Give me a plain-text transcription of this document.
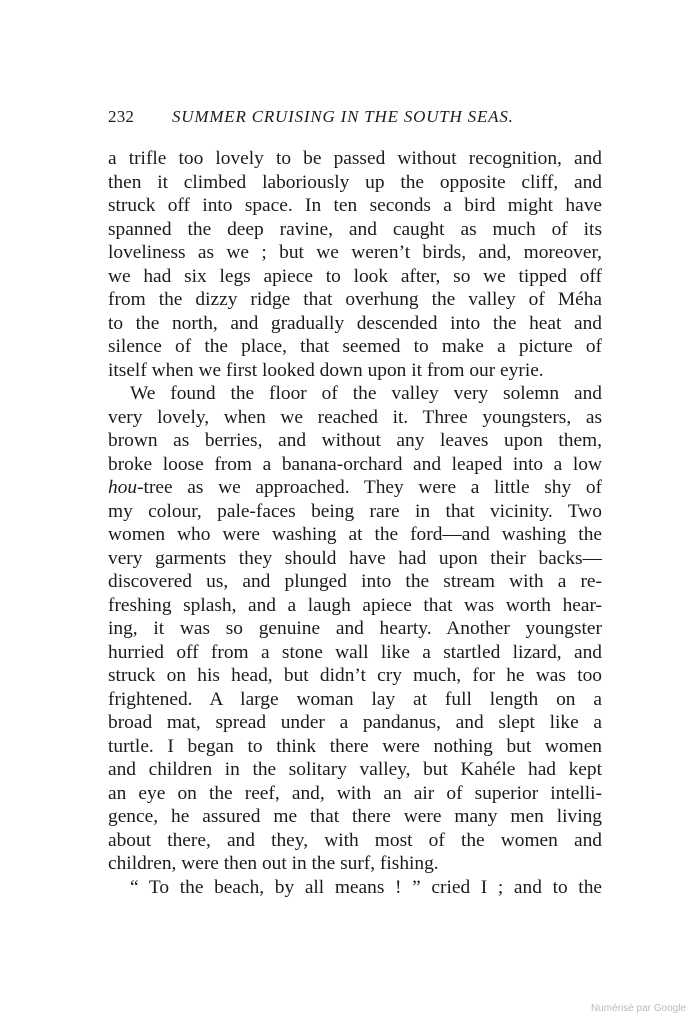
232 SUMMER CRUISING IN THE SOUTH SEAS.
a trifle too lovely to be passed without recognition, and
then it climbed laboriously up the opposite cliff, and
struck off into space. In ten seconds a bird might have
spanned the deep ravine, and caught as much of its
loveliness as we ; but we weren’t birds, and, moreover,
we had six legs apiece to look after, so we tipped off
from the dizzy ridge that overhung the valley of Méha
to the north, and gradually descended into the heat and
silence of the place, that seemed to make a picture of
itself when we first looked down upon it from our eyrie.
We found the floor of the valley very solemn and
very lovely, when we reached it. Three youngsters, as
brown as berries, and without any leaves upon them,
broke loose from a banana-orchard and leaped into a low
hou-tree as we approached. They were a little shy of
my colour, pale-faces being rare in that vicinity. Two
women who were washing at the ford—and washing the
very garments they should have had upon their backs—
discovered us, and plunged into the stream with a re-
freshing splash, and a laugh apiece that was worth hear-
ing, it was so genuine and hearty. Another youngster
hurried off from a stone wall like a startled lizard, and
struck on his head, but didn’t cry much, for he was too
frightened. A large woman lay at full length on a
broad mat, spread under a pandanus, and slept like a
turtle. I began to think there were nothing but women
and children in the solitary valley, but Kahéle had kept
an eye on the reef, and, with an air of superior intelli-
gence, he assured me that there were many men living
about there, and they, with most of the women and
children, were then out in the surf, fishing.
“ To the beach, by all means ! ” cried I ; and to the
Numérisé par Google
